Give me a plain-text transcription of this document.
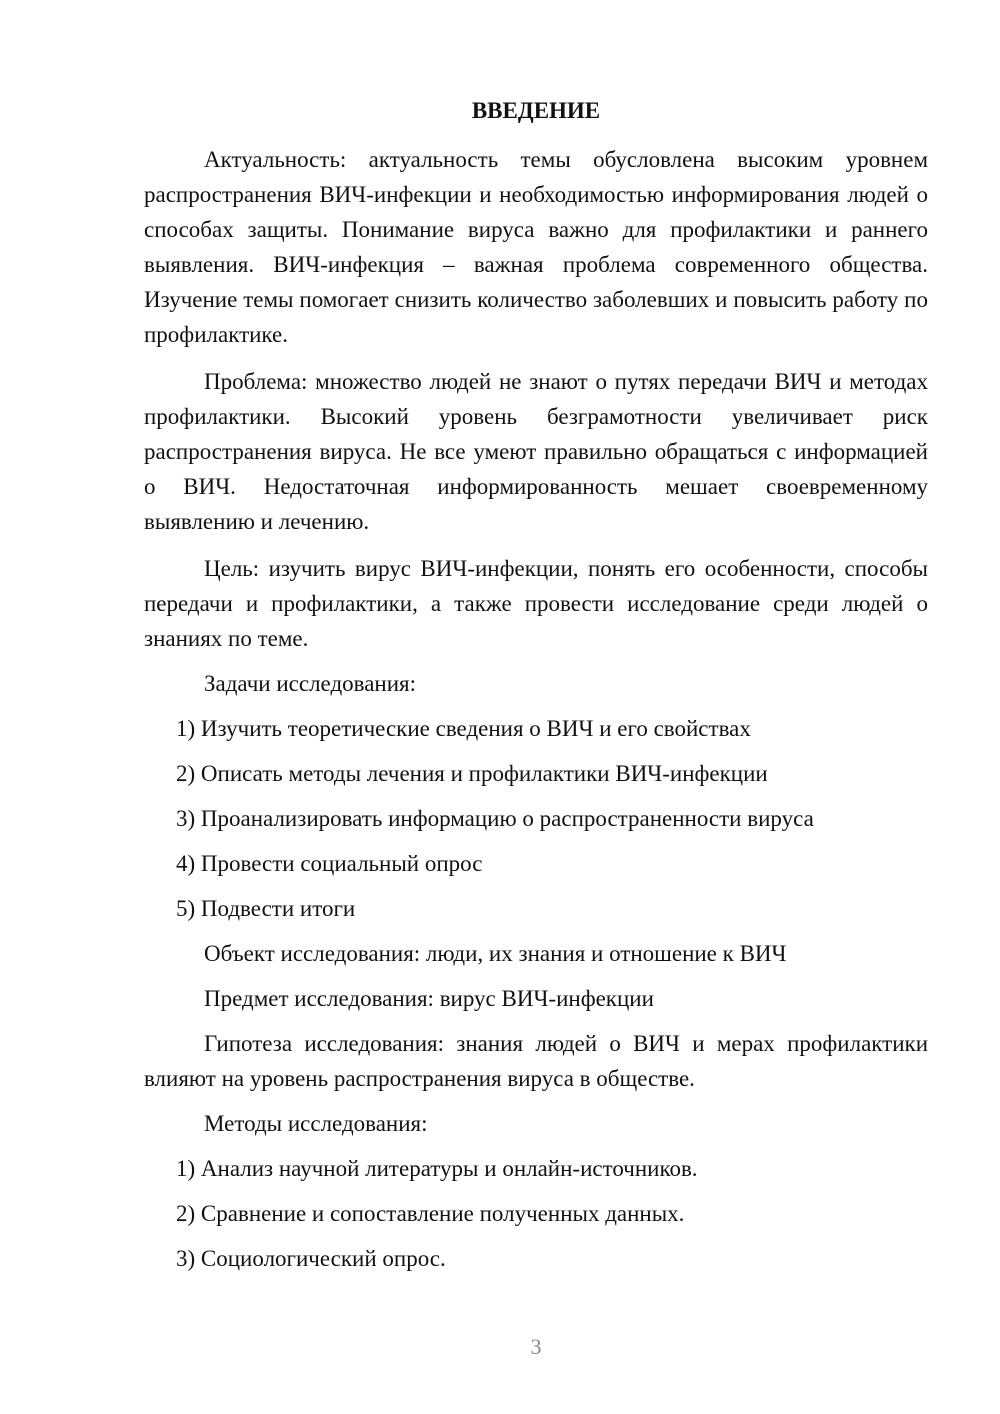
ВВЕДЕНИЕ

Актуальность: актуальность темы обусловлена высоким уровнем распространения ВИЧ-инфекции и необходимостью информирования людей о способах защиты. Понимание вируса важно для профилактики и раннего выявления. ВИЧ-инфекция – важная проблема современного общества. Изучение темы помогает снизить количество заболевших и повысить работу по профилактике.

Проблема: множество людей не знают о путях передачи ВИЧ и методах профилактики. Высокий уровень безграмотности увеличивает риск распространения вируса. Не все умеют правильно обращаться с информацией о ВИЧ. Недостаточная информированность мешает своевременному выявлению и лечению.

Цель: изучить вирус ВИЧ-инфекции, понять его особенности, способы передачи и профилактики, а также провести исследование среди людей о знаниях по теме.

Задачи исследования:

1) Изучить теоретические сведения о ВИЧ и его свойствах
2) Описать методы лечения и профилактики ВИЧ-инфекции
3) Проанализировать информацию о распространенности вируса
4) Провести социальный опрос
5) Подвести итоги

Объект исследования: люди, их знания и отношение к ВИЧ

Предмет исследования: вирус ВИЧ-инфекции

Гипотеза исследования: знания людей о ВИЧ и мерах профилактики влияют на уровень распространения вируса в обществе.

Методы исследования:

1) Анализ научной литературы и онлайн-источников.
2) Сравнение и сопоставление полученных данных.
3) Социологический опрос.
3
